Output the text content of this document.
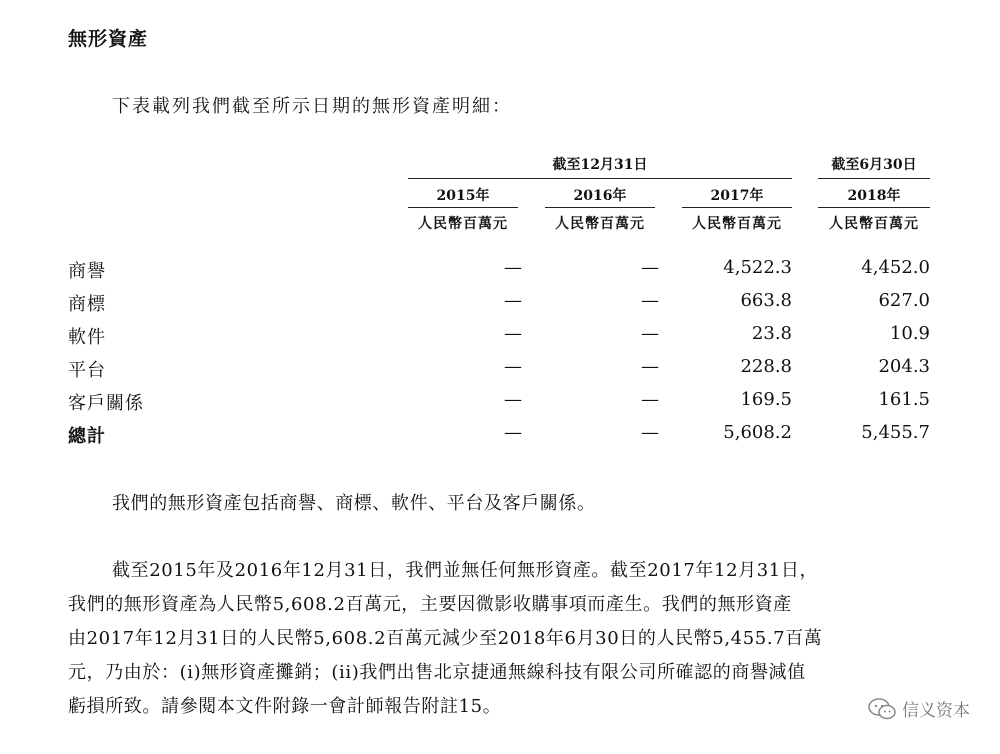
無形資產
下表載列我們截至所示日期的無形資產明細：
截至12月31日	截至6月30日
2015年	2016年	2017年	2018年
人民幣百萬元	人民幣百萬元	人民幣百萬元	人民幣百萬元
商譽	—	—	4,522.3	4,452.0
商標	—	—	663.8	627.0
軟件	—	—	23.8	10.9
平台	—	—	228.8	204.3
客戶關係	—	—	169.5	161.5
總計	—	—	5,608.2	5,455.7
我們的無形資產包括商譽、商標、軟件、平台及客戶關係。
截至2015年及2016年12月31日，我們並無任何無形資產。截至2017年12月31日，
我們的無形資產為人民幣5,608.2百萬元，主要因微影收購事項而產生。我們的無形資產
由2017年12月31日的人民幣5,608.2百萬元減少至2018年6月30日的人民幣5,455.7百萬
元，乃由於：(i)無形資產攤銷；(ii)我們出售北京捷通無線科技有限公司所確認的商譽減值
虧損所致。請參閱本文件附錄一會計師報告附註15。	信义资本
